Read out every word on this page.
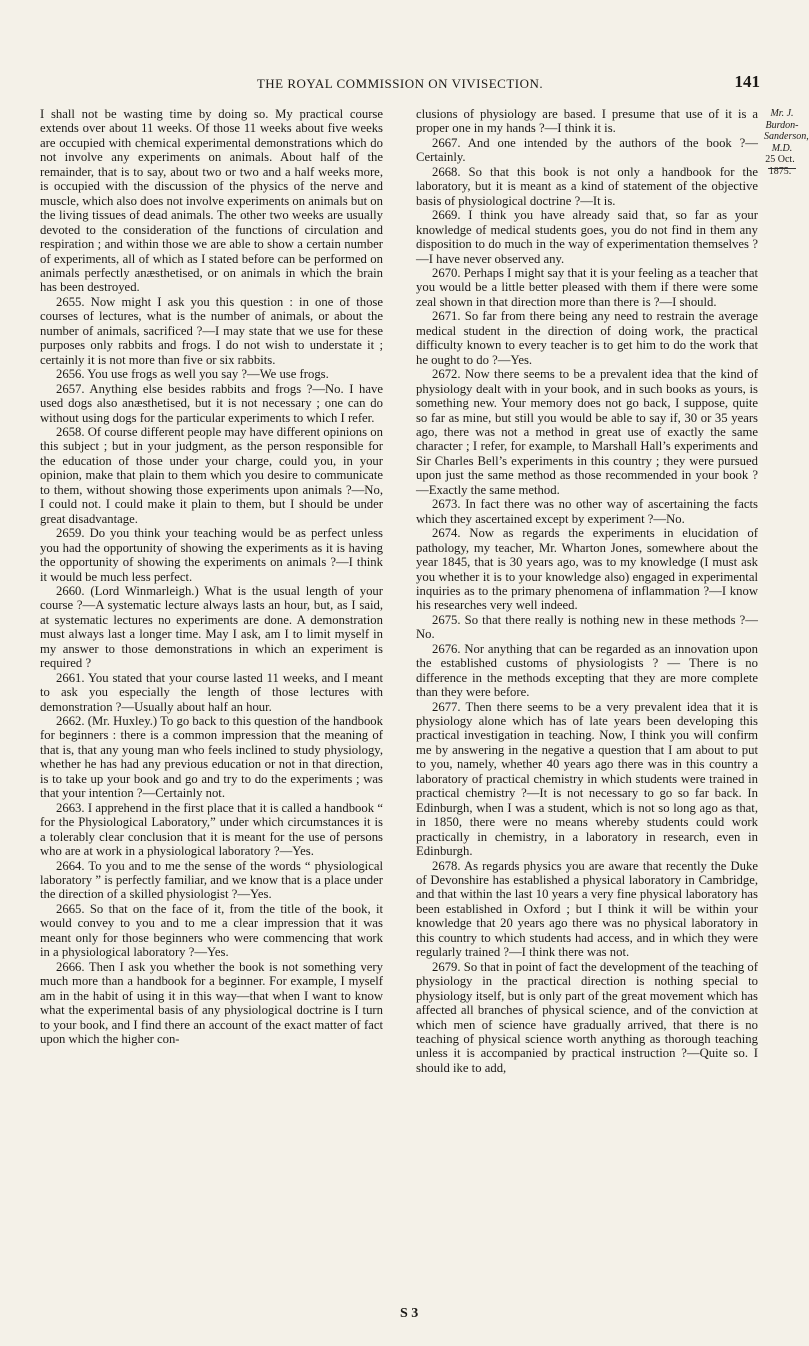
THE ROYAL COMMISSION ON VIVISECTION.	141

I shall not be wasting time by doing so. My practical course extends over about 11 weeks. Of those 11 weeks about five weeks are occupied with chemical experimental demonstrations which do not involve any experiments on animals. About half of the remainder, that is to say, about two or two and a half weeks more, is occupied with the discussion of the physics of the nerve and muscle, which also does not involve experiments on animals but on the living tissues of dead animals. The other two weeks are usually devoted to the consideration of the functions of circulation and respiration ; and within those we are able to show a certain number of experiments, all of which as I stated before can be performed on animals perfectly anæsthetised, or on animals in which the brain has been destroyed.

2655. Now might I ask you this question : in one of those courses of lectures, what is the number of animals, or about the number of animals, sacrificed ?—I may state that we use for these purposes only rabbits and frogs. I do not wish to understate it ; certainly it is not more than five or six rabbits.

2656. You use frogs as well you say ?—We use frogs.

2657. Anything else besides rabbits and frogs ?—No. I have used dogs also anæsthetised, but it is not necessary ; one can do without using dogs for the particular experiments to which I refer.

2658. Of course different people may have different opinions on this subject ; but in your judgment, as the person responsible for the education of those under your charge, could you, in your opinion, make that plain to them which you desire to communicate to them, without showing those experiments upon animals ?—No, I could not. I could make it plain to them, but I should be under great disadvantage.

2659. Do you think your teaching would be as perfect unless you had the opportunity of showing the experiments as it is having the opportunity of showing the experiments on animals ?—I think it would be much less perfect.

2660. (Lord Winmarleigh.) What is the usual length of your course ?—A systematic lecture always lasts an hour, but, as I said, at systematic lectures no experiments are done. A demonstration must always last a longer time. May I ask, am I to limit myself in my answer to those demonstrations in which an experiment is required ?

2661. You stated that your course lasted 11 weeks, and I meant to ask you especially the length of those lectures with demonstration ?—Usually about half an hour.

2662. (Mr. Huxley.) To go back to this question of the handbook for beginners : there is a common impression that the meaning of that is, that any young man who feels inclined to study physiology, whether he has had any previous education or not in that direction, is to take up your book and go and try to do the experiments ; was that your intention ?—Certainly not.

2663. I apprehend in the first place that it is called a handbook “ for the Physiological Laboratory,” under which circumstances it is a tolerably clear conclusion that it is meant for the use of persons who are at work in a physiological laboratory ?—Yes.

2664. To you and to me the sense of the words “ physiological laboratory ” is perfectly familiar, and we know that is a place under the direction of a skilled physiologist ?—Yes.

2665. So that on the face of it, from the title of the book, it would convey to you and to me a clear impression that it was meant only for those beginners who were commencing that work in a physiological laboratory ?—Yes.

2666. Then I ask you whether the book is not something very much more than a handbook for a beginner. For example, I myself am in the habit of using it in this way—that when I want to know what the experimental basis of any physiological doctrine is I turn to your book, and I find there an account of the exact matter of fact upon which the higher con-

clusions of physiology are based. I presume that use of it is a proper one in my hands ?—I think it is.

2667. And one intended by the authors of the book ?—Certainly.

2668. So that this book is not only a handbook for the laboratory, but it is meant as a kind of statement of the objective basis of physiological doctrine ?—It is.

2669. I think you have already said that, so far as your knowledge of medical students goes, you do not find in them any disposition to do much in the way of experimentation themselves ?—I have never observed any.

2670. Perhaps I might say that it is your feeling as a teacher that you would be a little better pleased with them if there were some zeal shown in that direction more than there is ?—I should.

2671. So far from there being any need to restrain the average medical student in the direction of doing work, the practical difficulty known to every teacher is to get him to do the work that he ought to do ?—Yes.

2672. Now there seems to be a prevalent idea that the kind of physiology dealt with in your book, and in such books as yours, is something new. Your memory does not go back, I suppose, quite so far as mine, but still you would be able to say if, 30 or 35 years ago, there was not a method in great use of exactly the same character ; I refer, for example, to Marshall Hall’s experiments and Sir Charles Bell’s experiments in this country ; they were pursued upon just the same method as those recommended in your book ?—Exactly the same method.

2673. In fact there was no other way of ascertaining the facts which they ascertained except by experiment ?—No.

2674. Now as regards the experiments in elucidation of pathology, my teacher, Mr. Wharton Jones, somewhere about the year 1845, that is 30 years ago, was to my knowledge (I must ask you whether it is to your knowledge also) engaged in experimental inquiries as to the primary phenomena of inflammation ?—I know his researches very well indeed.

2675. So that there really is nothing new in these methods ?—No.

2676. Nor anything that can be regarded as an innovation upon the established customs of physiologists ? — There is no difference in the methods excepting that they are more complete than they were before.

2677. Then there seems to be a very prevalent idea that it is physiology alone which has of late years been developing this practical investigation in teaching. Now, I think you will confirm me by answering in the negative a question that I am about to put to you, namely, whether 40 years ago there was in this country a laboratory of practical chemistry in which students were trained in practical chemistry ?—It is not necessary to go so far back. In Edinburgh, when I was a student, which is not so long ago as that, in 1850, there were no means whereby students could work practically in chemistry, in a laboratory in research, even in Edinburgh.

2678. As regards physics you are aware that recently the Duke of Devonshire has established a physical laboratory in Cambridge, and that within the last 10 years a very fine physical laboratory has been established in Oxford ; but I think it will be within your knowledge that 20 years ago there was no physical laboratory in this country to which students had access, and in which they were regularly trained ?—I think there was not.

2679. So that in point of fact the development of the teaching of physiology in the practical direction is nothing special to physiology itself, but is only part of the great movement which has affected all branches of physical science, and of the conviction at which men of science have gradually arrived, that there is no teaching of physical science worth anything as thorough teaching unless it is accompanied by practical instruction ?—Quite so. I should ike to add,

Mr. J. Burdon-Sanderson, M.D.
25 Oct. 1875.
S 3
